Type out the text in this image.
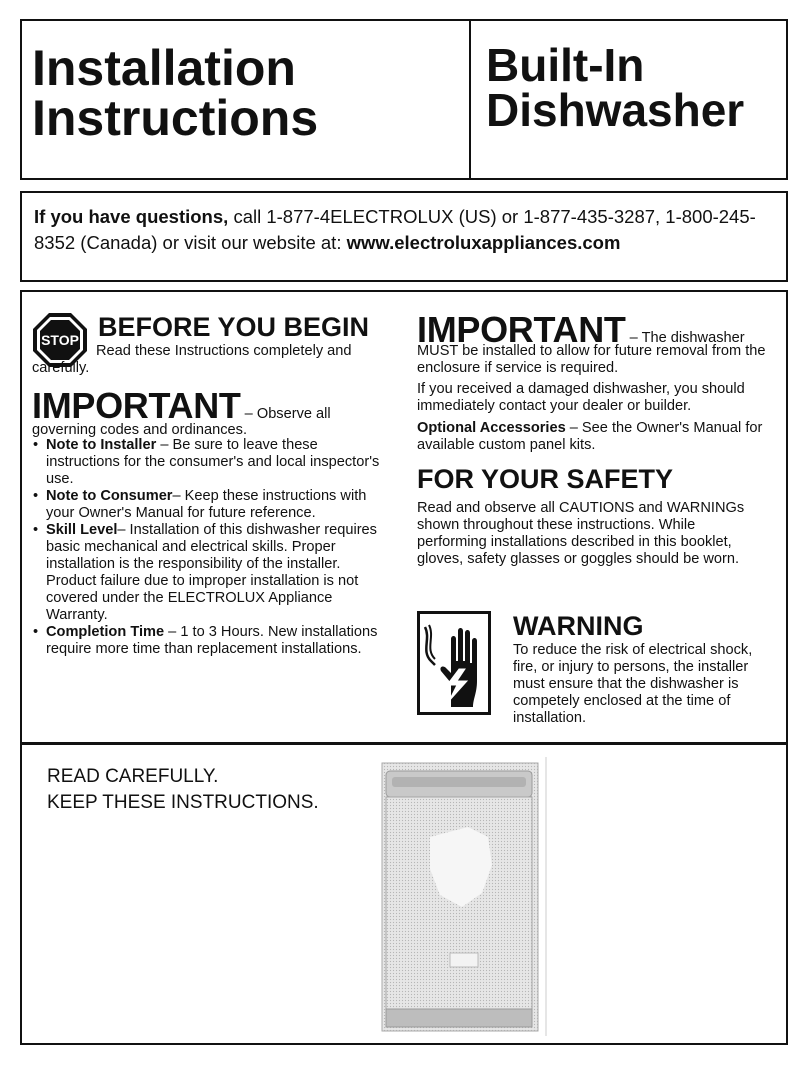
Installation
Instructions
Built-In
Dishwasher

If you have questions, call 1-877-4ELECTROLUX (US) or 1-877-435-3287, 1-800-245-8352 (Canada) or visit our website at: www.electroluxappliances.com

STOP BEFORE YOU BEGIN

Read these Instructions completely and carefully.

IMPORTANT – Observe all

governing codes and ordinances.

• Note to Installer – Be sure to leave these instructions for the consumer's and local inspector's use.
• Note to Consumer– Keep these instructions with your Owner's Manual for future reference.
• Skill Level– Installation of this dishwasher requires basic mechanical and electrical skills. Proper installation is the responsibility of the installer. Product failure due to improper installation is not covered under the ELECTROLUX Appliance Warranty.
• Completion Time – 1 to 3 Hours. New installations require more time than replacement installations.

IMPORTANT – The dishwasher

MUST be installed to allow for future removal from the enclosure if service is required.

If you received a damaged dishwasher, you should immediately contact your dealer or builder.

Optional Accessories – See the Owner's Manual for available custom panel kits.

FOR YOUR SAFETY

Read and observe all CAUTIONS and WARNINGs shown throughout these instructions. While performing installations described in this booklet, gloves, safety glasses or goggles should be worn.

WARNING

To reduce the risk of electrical shock, fire, or injury to persons, the installer must ensure that the dishwasher is competely enclosed at the time of installation.

READ CAREFULLY.
KEEP THESE INSTRUCTIONS.
